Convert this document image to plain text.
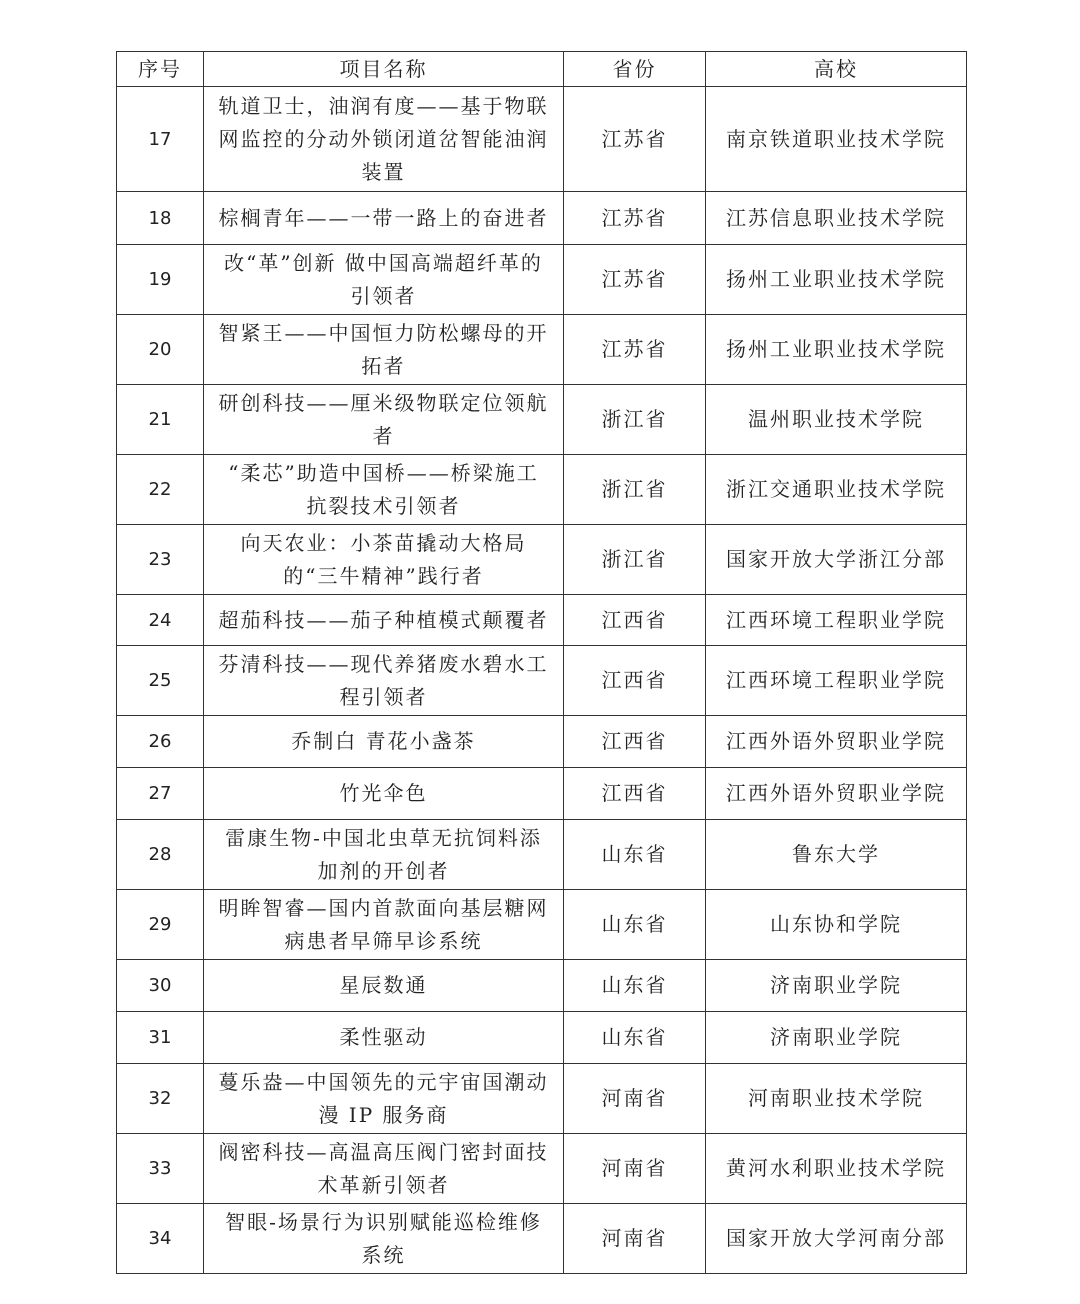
序号	项目名称	省份	高校
17	轨道卫士，油润有度——基于物联网监控的分动外锁闭道岔智能油润装置	江苏省	南京铁道职业技术学院
18	棕榈青年——一带一路上的奋进者	江苏省	江苏信息职业技术学院
19	改“革”创新 做中国高端超纤革的引领者	江苏省	扬州工业职业技术学院
20	智紧王——中国恒力防松螺母的开拓者	江苏省	扬州工业职业技术学院
21	研创科技——厘米级物联定位领航者	浙江省	温州职业技术学院
22	“柔芯”助造中国桥——桥梁施工抗裂技术引领者	浙江省	浙江交通职业技术学院
23	向天农业：小茶苗撬动大格局的“三牛精神”践行者	浙江省	国家开放大学浙江分部
24	超茄科技——茄子种植模式颠覆者	江西省	江西环境工程职业学院
25	芬清科技——现代养猪废水碧水工程引领者	江西省	江西环境工程职业学院
26	乔制白 青花小盏茶	江西省	江西外语外贸职业学院
27	竹光伞色	江西省	江西外语外贸职业学院
28	雷康生物-中国北虫草无抗饲料添加剂的开创者	山东省	鲁东大学
29	明眸智睿—国内首款面向基层糖网病患者早筛早诊系统	山东省	山东协和学院
30	星辰数通	山东省	济南职业学院
31	柔性驱动	山东省	济南职业学院
32	蔓乐盎—中国领先的元宇宙国潮动漫 IP 服务商	河南省	河南职业技术学院
33	阀密科技—高温高压阀门密封面技术革新引领者	河南省	黄河水利职业技术学院
34	智眼-场景行为识别赋能巡检维修系统	河南省	国家开放大学河南分部
